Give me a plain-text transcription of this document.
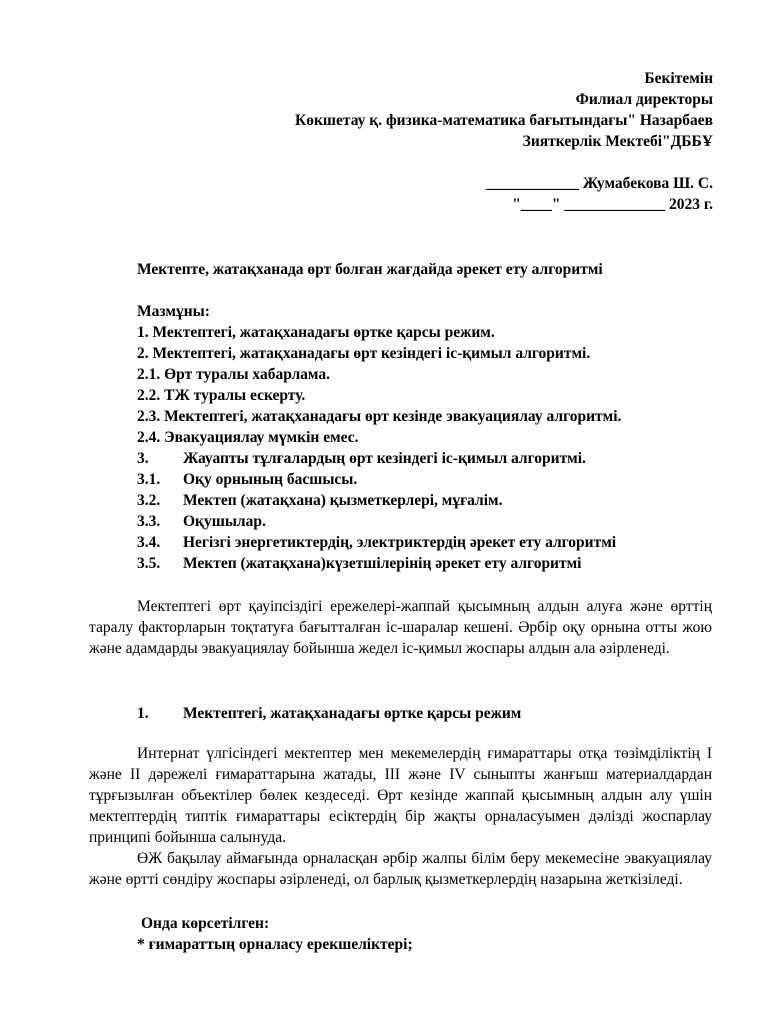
Бекітемін
Филиал директоры
Көкшетау қ. физика-математика бағытындағы" Назарбаев
Зияткерлік Мектебі"ДББҰ
____________ Жумабекова Ш. С.
"____" _____________ 2023 г.
Мектепте, жатақханада өрт болған жағдайда әрекет ету алгоритмі
Мазмұны:
1. Мектептегі, жатақханадағы өртке қарсы режим.
2. Мектептегі, жатақханадағы өрт кезіндегі іс-қимыл алгоритмі.
2.1. Өрт туралы хабарлама.
2.2. ТЖ туралы ескерту.
2.3. Мектептегі, жатақханадағы өрт кезінде эвакуациялау алгоритмі.
2.4. Эвакуациялау мүмкін емес.
3. Жауапты тұлғалардың өрт кезіндегі іс-қимыл алгоритмі.
3.1. Оқу орнының басшысы.
3.2. Мектеп (жатақхана) қызметкерлері, мұғалім.
3.3. Оқушылар.
3.4. Негізгі энергетиктердің, электриктердің әрекет ету алгоритмі
3.5. Мектеп (жатақхана)күзетшілерінің әрекет ету алгоритмі

Мектептегі өрт қауіпсіздігі ережелері-жаппай қысымның алдын алуға және өрттің таралу факторларын тоқтатуға бағытталған іс-шаралар кешені. Әрбір оқу орнына отты жою және адамдарды эвакуациялау бойынша жедел іс-қимыл жоспары алдын ала әзірленеді.

1. Мектептегі, жатақханадағы өртке қарсы режим

Интернат үлгісіндегі мектептер мен мекемелердің ғимараттары отқа төзімділіктің I және II дәрежелі ғимараттарына жатады, III және IV сыныпты жанғыш материалдардан тұрғызылған объектілер бөлек кездеседі. Өрт кезінде жаппай қысымның алдын алу үшін мектептердің типтік ғимараттары есіктердің бір жақты орналасуымен дәлізді жоспарлау принципі бойынша салынуда.

ӨЖ бақылау аймағында орналасқан әрбір жалпы білім беру мекемесіне эвакуациялау және өртті сөндіру жоспары әзірленеді, ол барлық қызметкерлердің назарына жеткізіледі.

Онда көрсетілген:
* ғимараттың орналасу ерекшеліктері;
